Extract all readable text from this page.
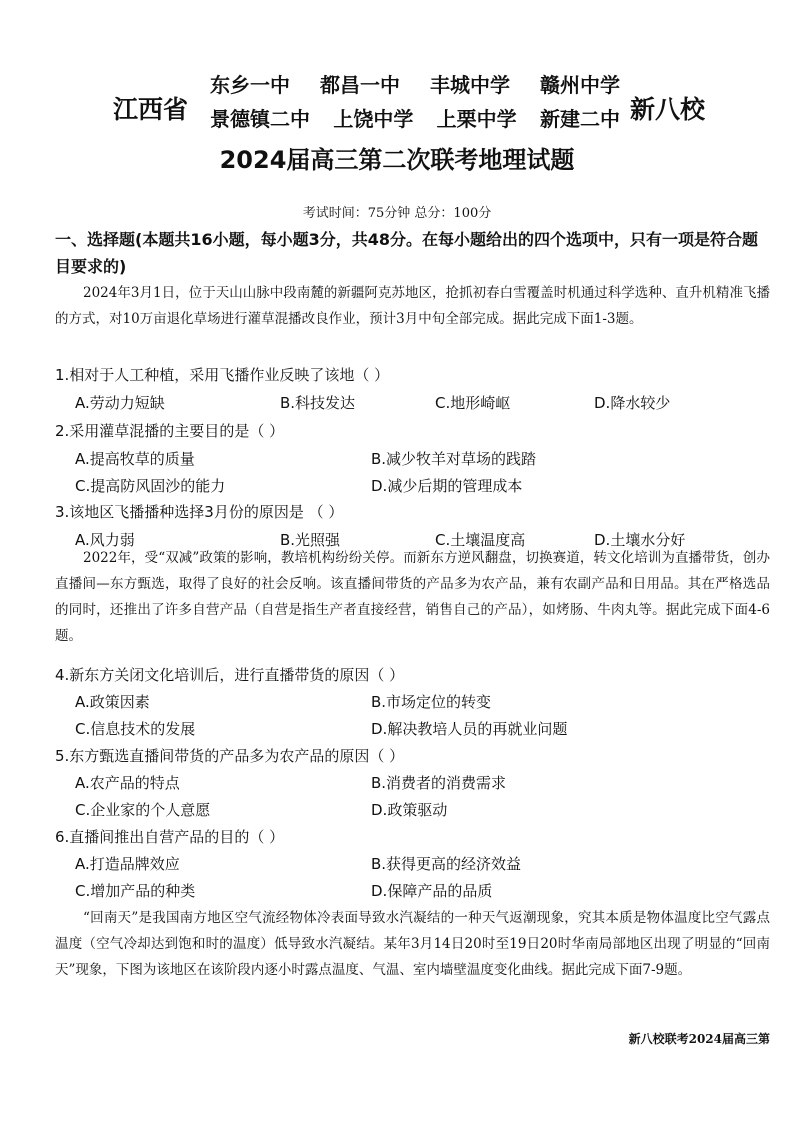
江西省
东乡一中 都昌一中 丰城中学 赣州中学
景德镇二中 上饶中学 上栗中学 新建二中 新八校
2024届高三第二次联考地理试题
考试时间：75分钟 总分：100分
一、选择题(本题共16小题，每小题3分，共48分。在每小题给出的四个选项中，只有一项是符合题目要求的)
2024年3月1日，位于天山山脉中段南麓的新疆阿克苏地区，抢抓初春白雪覆盖时机通过科学选种、直升机精准飞播的方式，对10万亩退化草场进行灌草混播改良作业，预计3月中旬全部完成。据此完成下面1-3题。
1.相对于人工种植，采用飞播作业反映了该地（ ）
A.劳动力短缺	B.科技发达	C.地形崎岖	D.降水较少
2.采用灌草混播的主要目的是（ ）
A.提高牧草的质量	B.减少牧羊对草场的践踏
C.提高防风固沙的能力	D.减少后期的管理成本
3.该地区飞播播种选择3月份的原因是 （ ）
A.风力弱	B.光照强	C.土壤温度高	D.土壤水分好
2022年，受“双减”政策的影响，教培机构纷纷关停。而新东方逆风翻盘，切换赛道，转文化培训为直播带货，创办直播间—东方甄选，取得了良好的社会反响。该直播间带货的产品多为农产品，兼有农副产品和日用品。其在严格选品的同时，还推出了许多自营产品（自营是指生产者直接经营，销售自己的产品），如烤肠、牛肉丸等。据此完成下面4-6题。
4.新东方关闭文化培训后，进行直播带货的原因（ ）
A.政策因素	B.市场定位的转变
C.信息技术的发展	D.解决教培人员的再就业问题
5.东方甄选直播间带货的产品多为农产品的原因（ ）
A.农产品的特点	B.消费者的消费需求
C.企业家的个人意愿	D.政策驱动
6.直播间推出自营产品的目的（ ）
A.打造品牌效应	B.获得更高的经济效益
C.增加产品的种类	D.保障产品的品质
“回南天”是我国南方地区空气流经物体冷表面导致水汽凝结的一种天气返潮现象，究其本质是物体温度比空气露点温度（空气冷却达到饱和时的温度）低导致水汽凝结。某年3月14日20时至19日20时华南局部地区出现了明显的“回南天”现象，下图为该地区在该阶段内逐小时露点温度、气温、室内墙壁温度变化曲线。据此完成下面7-9题。
新八校联考2024届高三第
